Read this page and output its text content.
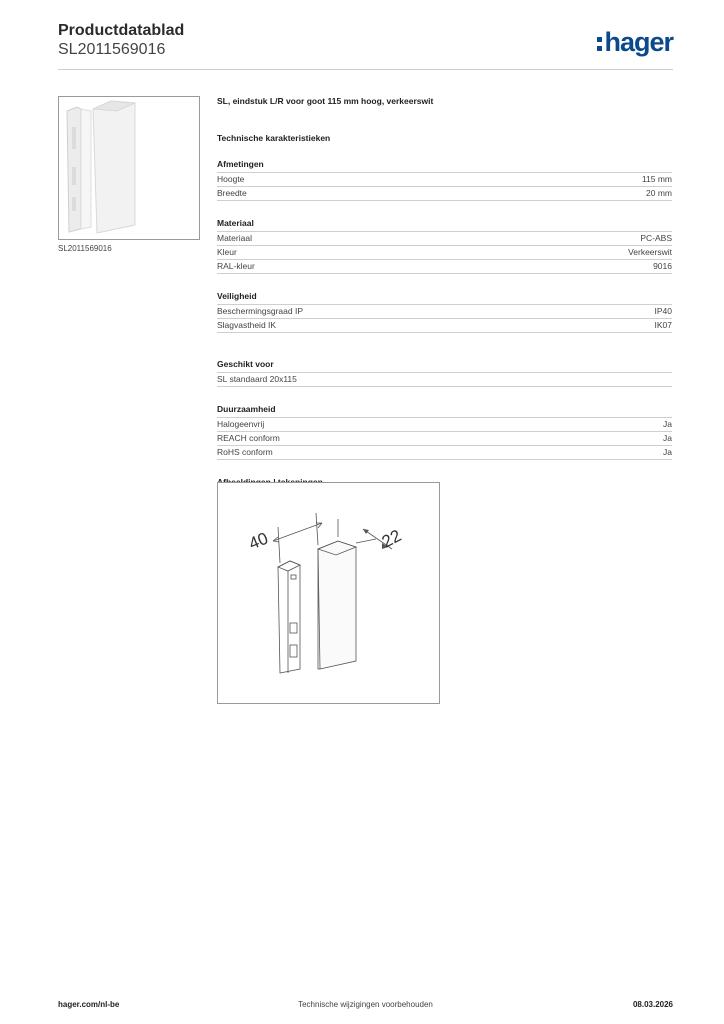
Productdatablad
SL2011569016	hager
SL2011569016
SL, eindstuk L/R voor goot 115 mm hoog, verkeerswit
Technische karakteristieken
Afmetingen
Hoogte	115 mm
Breedte	20 mm
Materiaal
Materiaal	PC-ABS
Kleur	Verkeerswit
RAL-kleur	9016
Veiligheid
Beschermingsgraad IP	IP40
Slagvastheid IK	IK07
Geschikt voor
SL standaard 20x115
Duurzaamheid
Halogeenvrij	Ja
REACH conform	Ja
RoHS conform	Ja
40	22
hager.com/nl-be	Technische wijzigingen voorbehouden	08.03.2026
